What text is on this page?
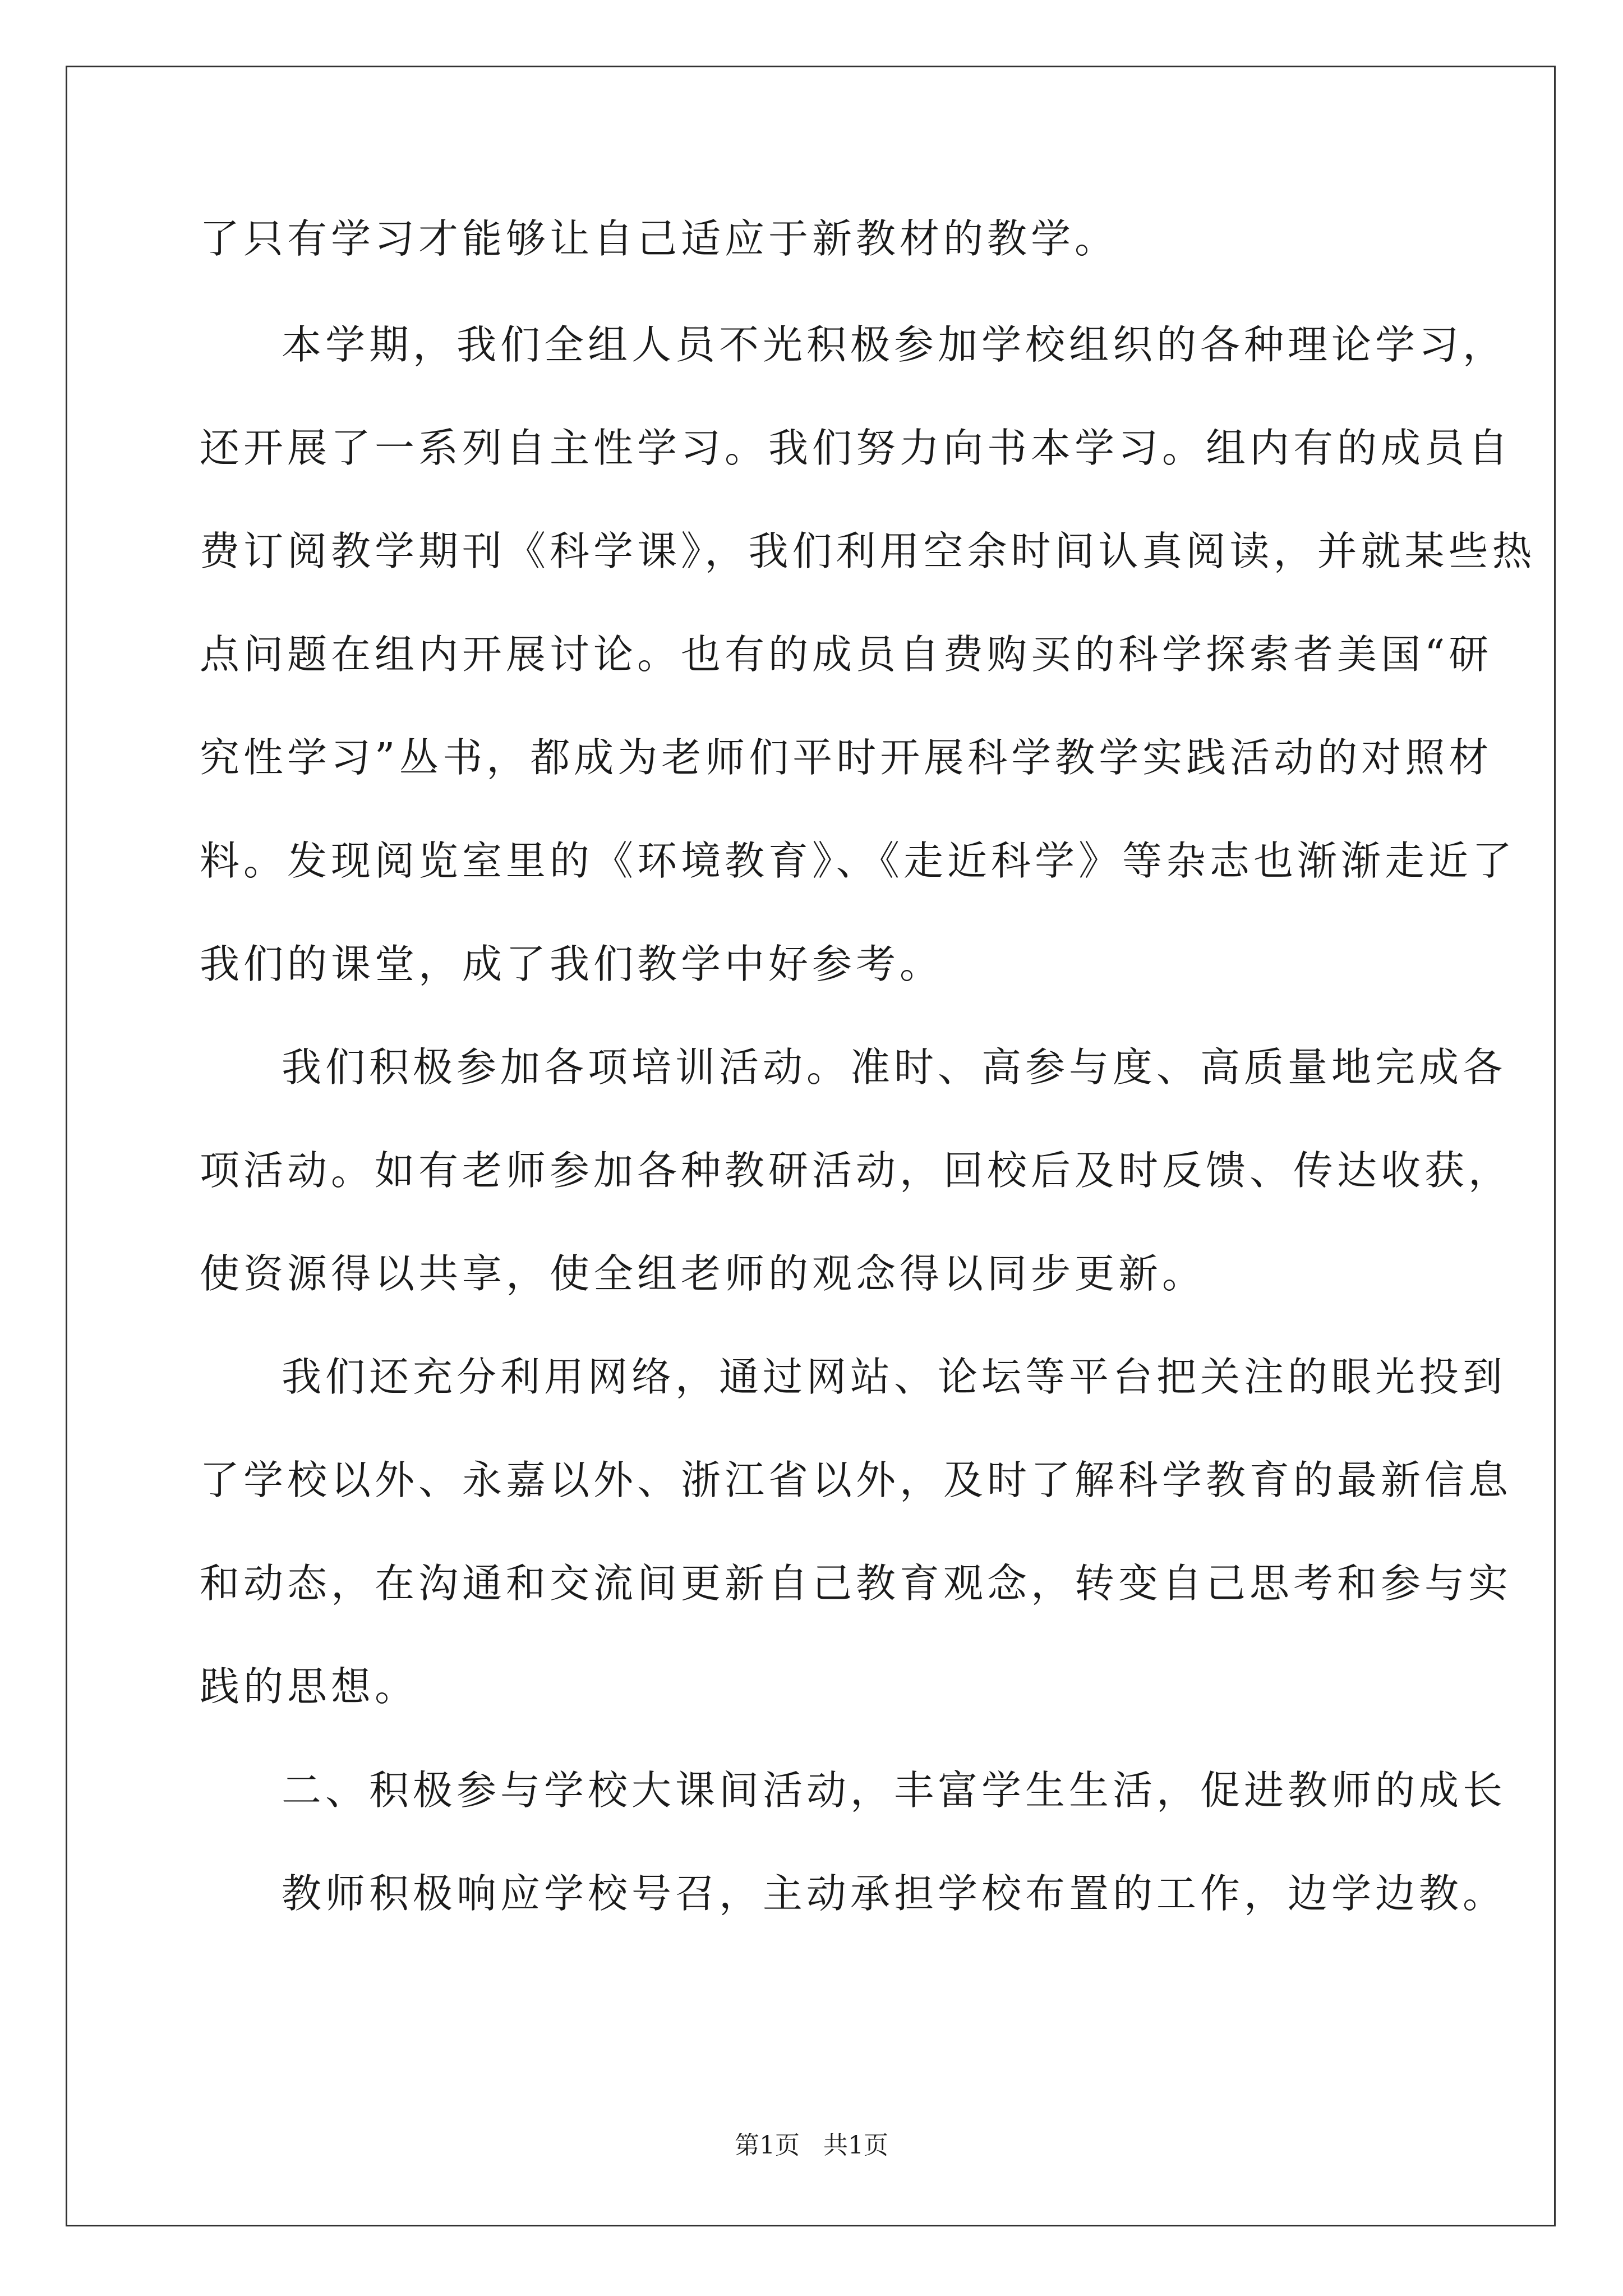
了只有学习才能够让自己适应于新教材的教学。
本学期，我们全组人员不光积极参加学校组织的各种理论学习，
还开展了一系列自主性学习。我们努力向书本学习。组内有的成员自
费订阅教学期刊《科学课》，我们利用空余时间认真阅读，并就某些热
点问题在组内开展讨论。也有的成员自费购买的科学探索者美国“研
究性学习”丛书，都成为老师们平时开展科学教学实践活动的对照材
料。发现阅览室里的《环境教育》、《走近科学》等杂志也渐渐走近了
我们的课堂，成了我们教学中好参考。
我们积极参加各项培训活动。准时、高参与度、高质量地完成各
项活动。如有老师参加各种教研活动，回校后及时反馈、传达收获，
使资源得以共享，使全组老师的观念得以同步更新。
我们还充分利用网络，通过网站、论坛等平台把关注的眼光投到
了学校以外、永嘉以外、浙江省以外，及时了解科学教育的最新信息
和动态，在沟通和交流间更新自己教育观念，转变自己思考和参与实
践的思想。
二、积极参与学校大课间活动，丰富学生生活，促进教师的成长
教师积极响应学校号召，主动承担学校布置的工作，边学边教。
第1页   共1页
